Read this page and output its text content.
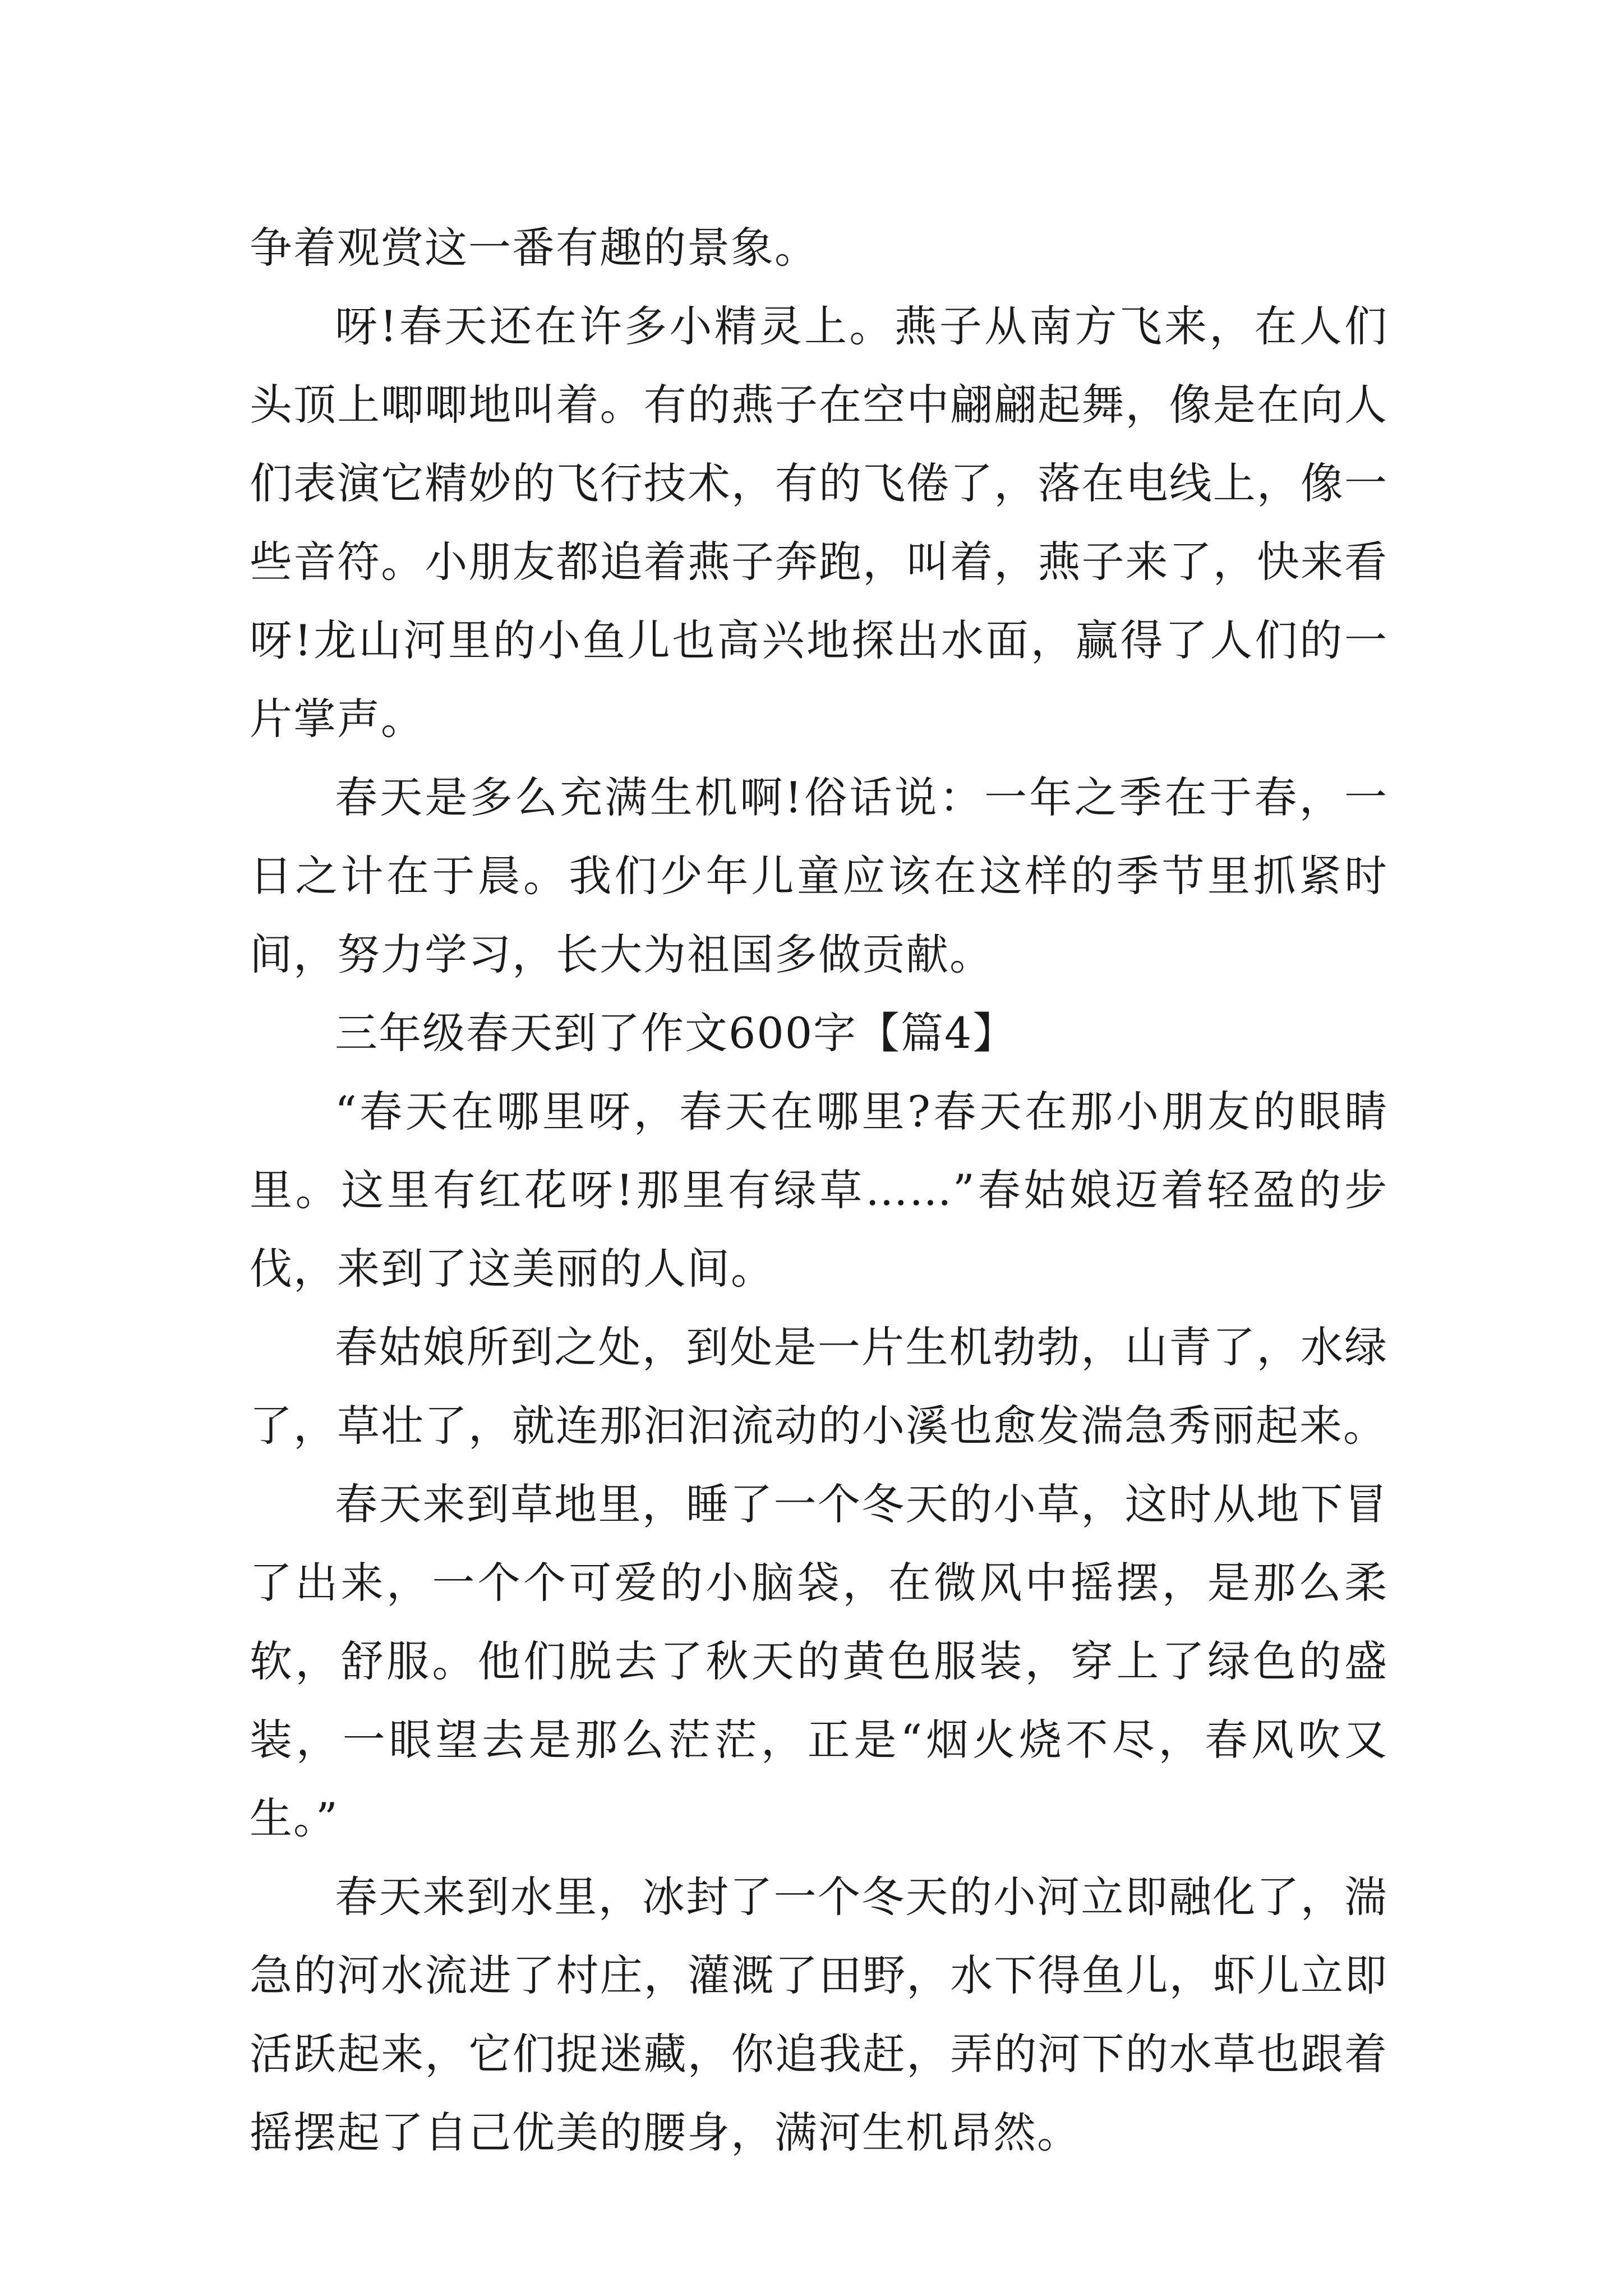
争着观赏这一番有趣的景象。

呀!春天还在许多小精灵上。燕子从南方飞来，在人们头顶上唧唧地叫着。有的燕子在空中翩翩起舞，像是在向人们表演它精妙的飞行技术，有的飞倦了，落在电线上，像一些音符。小朋友都追着燕子奔跑，叫着，燕子来了，快来看呀!龙山河里的小鱼儿也高兴地探出水面，赢得了人们的一片掌声。

春天是多么充满生机啊!俗话说：一年之季在于春，一日之计在于晨。我们少年儿童应该在这样的季节里抓紧时间，努力学习，长大为祖国多做贡献。

三年级春天到了作文600字【篇4】

“春天在哪里呀，春天在哪里?春天在那小朋友的眼睛里。这里有红花呀!那里有绿草……”春姑娘迈着轻盈的步伐，来到了这美丽的人间。

春姑娘所到之处，到处是一片生机勃勃，山青了，水绿了，草壮了，就连那汩汩流动的小溪也愈发湍急秀丽起来。

春天来到草地里，睡了一个冬天的小草，这时从地下冒了出来，一个个可爱的小脑袋，在微风中摇摆，是那么柔软，舒服。他们脱去了秋天的黄色服装，穿上了绿色的盛装，一眼望去是那么茫茫，正是“烟火烧不尽，春风吹又生。”

春天来到水里，冰封了一个冬天的小河立即融化了，湍急的河水流进了村庄，灌溉了田野，水下得鱼儿，虾儿立即活跃起来，它们捉迷藏，你追我赶，弄的河下的水草也跟着摇摆起了自己优美的腰身，满河生机昂然。
